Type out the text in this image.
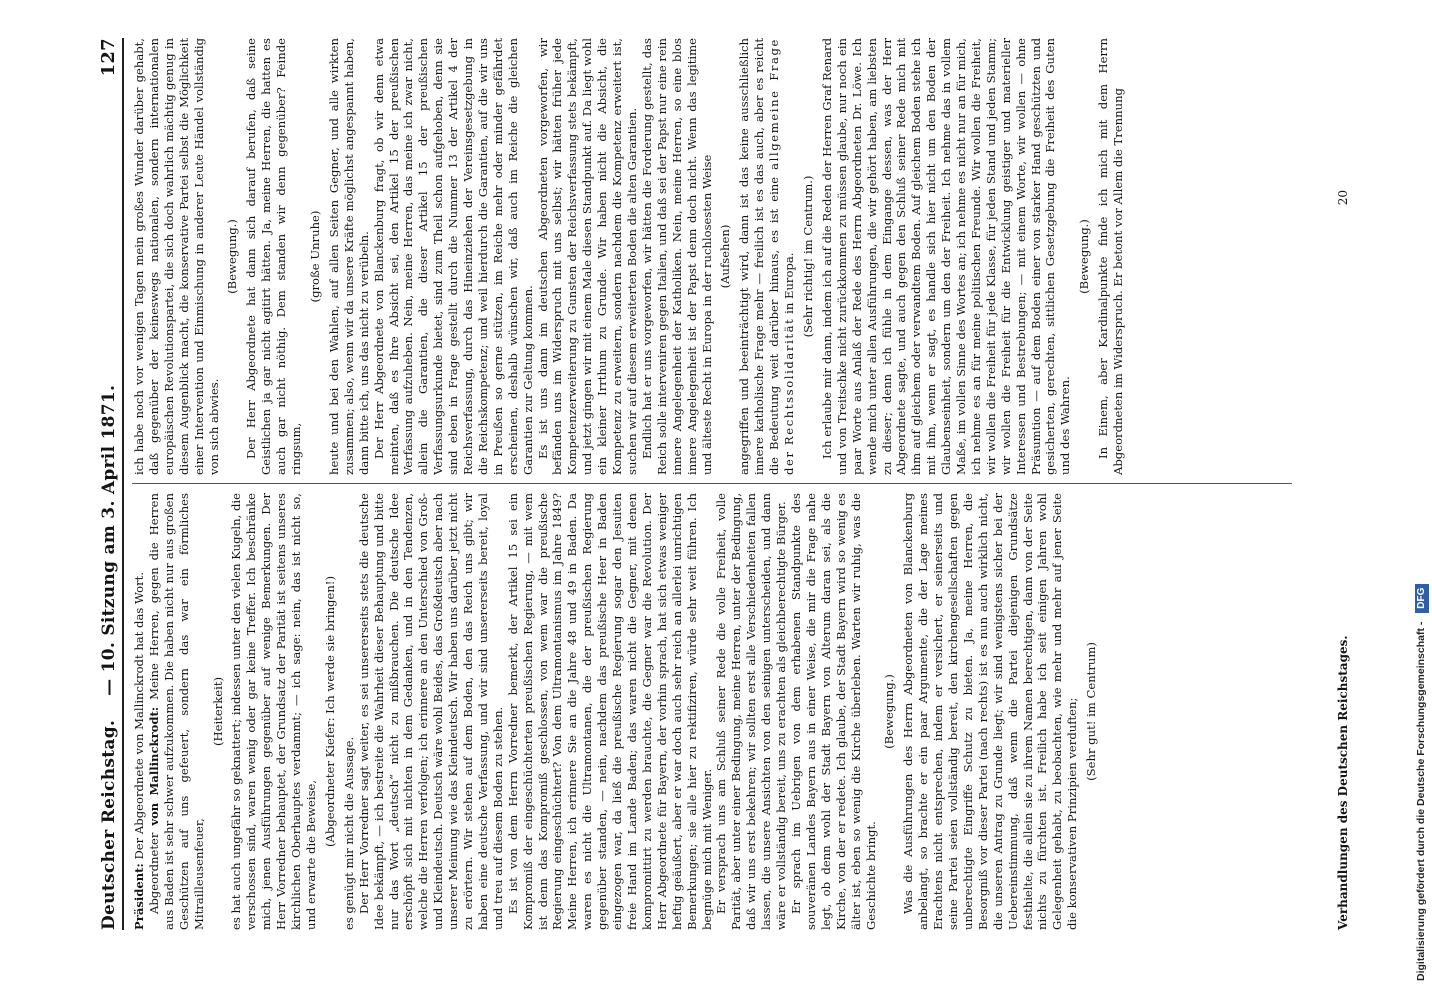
Deutscher Reichstag.
— 10. Sitzung am 3. April 1871.
127

Präsident: Der Abgeordnete von Mallinckrodt hat das Wort.

Abgeordneter von Mallinckrodt: Meine Herren, gegen die Herren aus Baden ist sehr schwer aufzukommen. Die haben nicht nur aus großen Geschützen auf uns gefeuert, sondern das war ein förmliches Mitrailleusenfeuer,

(Heiterkeit) es hat auch ungefähr so geknattert; indessen unter den vielen Kugeln, die verschossen sind, waren wenig oder gar keine Treffer. Ich beschränke mich, jenen Ausführungen gegenüber auf wenige Bemerkungen. Der Herr Vorredner behauptet, der Grundsatz der Parität ist seitens unseres kirchlichen Oberhauptes verdammt; — ich sage: nein, das ist nicht so, und erwarte die Beweise,

(Abgeordneter Kiefer: Ich werde sie bringen!) es genügt mir nicht die Aussage. Der Herr Vorredner sagt weiter, es sei unsererseits stets die deutsche Idee bekämpft, — ich bestreite die Wahrheit dieser Behauptung und bitte nur das Wort „deutsch“ nicht zu mißbrauchen. Die deutsche Idee erschöpft sich mit nichten in dem Gedanken, und in den Tendenzen, welche die Herren verfolgen; ich erinnere an den Unterschied von Groß- und Kleindeutsch. Deutsch wäre wohl Beides, das Großdeutsch aber nach unserer Meinung wie das Kleindeutsch. Wir haben uns darüber jetzt nicht zu erörtern. Wir stehen auf dem Boden, den das Reich uns gibt; wir haben eine deutsche Verfassung, und wir sind unsererseits bereit, loyal und treu auf diesem Boden zu stehen. Es ist von dem Herrn Vorredner bemerkt, der Artikel 15 sei ein Kompromiß der eingeschüchterten preußischen Regierung, — mit wem ist denn das Kompromiß geschlossen, von wem war die preußische Regierung eingeschüchtert? Von dem Ultramontanismus im Jahre 1849? Meine Herren, ich erinnere Sie an die Jahre 48 und 49 in Baden. Da waren es nicht die Ultramontanen, die der preußischen Regierung gegenüber standen, — nein, nachdem das preußische Heer in Baden eingezogen war, da ließ die preußische Regierung sogar den Jesuiten freie Hand im Lande Baden; das waren nicht die Gegner, mit denen kompromittirt zu werden brauchte, die Gegner war die Revolution. Der Herr Abgeordnete für Bayern, der vorhin sprach, hat sich etwas weniger heftig geäußert, aber er war doch auch sehr reich an allerlei unrichtigen Bemerkungen; sie alle hier zu rektifiziren, würde sehr weit führen. Ich begnüge mich mit Weniger. Er versprach uns am Schluß seiner Rede die volle Freiheit, volle Parität, aber unter einer Bedingung, meine Herren, unter der Bedingung, daß wir uns erst bekehren; wir sollten erst alle Verschiedenheiten fallen lassen, die unsere Ansichten von den seinigen unterscheiden, und dann wäre er vollständig bereit, uns zu erachten als gleichberechtigte Bürger. Er sprach im Uebrigen von dem erhabenen Standpunkte des souveränen Landes Bayern aus in einer Weise, die mir die Frage nahe legt, ob denn wohl der Stadt Bayern von Alterum daran sei, als die Kirche, von der er redete. Ich glaube, der Stadt Bayern wird so wenig es älter ist, eben so wenig die Kirche überleben. Warten wir ruhig, was die Geschichte bringt.

(Bewegung.) Was die Ausführungen des Herrn Abgeordneten von Blanckenburg anbelangt, so brachte er ein paar Argumente, die der Lage meines Erachtens nicht entsprechen, indem er versichert, er seinerseits und seine Partei seien vollständig bereit, den kirchengesellschaften gegen unberechtigte Eingriffe Schutz zu bieten. Ja, meine Herren, die Besorgniß vor dieser Partei (nach rechts) ist es nun auch wirklich nicht, die unseren Antrag zu Grunde liegt; wir sind wenigstens sicher bei der Uebereinstimmung, daß wenn die Partei diejenigen Grundsätze festhielte, die allein sie zu ihrem Namen berechtigen, dann von der Seite nichts zu fürchten ist. Freilich habe ich seit einigen Jahren wohl Gelegenheit gehabt, zu beobachten, wie mehr und mehr auf jener Seite die konservativen Prinzipien verduften; (Sehr gut! im Centrum)

ich habe noch vor wenigen Tagen mein großes Wunder darüber gehabt, daß gegenüber der keineswegs nationalen, sondern internationalen europäischen Revolutionspartei, die sich doch wahrlich mächtig genug in diesem Augenblick macht, die konservative Partei selbst die Möglichkeit einer Intervention und Einmischung in anderer Leute Händel vollständig von sich abwies.

(Bewegung.) Der Herr Abgeordnete hat dann sich darauf berufen, daß seine Geistlichen ja gar nicht agitirt hätten. Ja, meine Herren, die hatten es auch gar nicht nöthig. Dem standen wir denn gegenüber? Feinde ringsum,

(große Unruhe) heute und bei den Wahlen, auf allen Seiten Gegner, und alle wirkten zusammen; also, wenn wir da unsere Kräfte möglichst angespannt haben, dann bitte ich, uns das nicht zu verübeln. Der Herr Abgeordnete von Blanckenburg fragt, ob wir denn etwa meinten, daß es Ihre Absicht sei, den Artikel 15 der preußischen Verfassung aufzuheben. Nein, meine Herren, das meine ich zwar nicht, allein die Garantien, die dieser Artikel 15 der preußischen Verfassungsurkunde bietet, sind zum Theil schon aufgehoben, denn sie sind eben in Frage gestellt durch die Nummer 13 der Artikel 4 der Reichsverfassung, durch das Hineinziehen der Vereinsgesetzgebung in die Reichskompetenz; und weil hierdurch die Garantien, auf die wir uns in Preußen so gerne stützen, im Reiche mehr oder minder gefährdet erscheinen, deshalb wünschen wir, daß auch im Reiche die gleichen Garantien zur Geltung kommen. Es ist uns dann im deutschen Abgeordneten vorgeworfen, wir befänden uns im Widerspruch mit uns selbst; wir hätten früher jede Kompetenzerweiterung zu Gunsten der Reichsverfassung stets bekämpft, und jetzt gingen wir mit einem Male diesen Standpunkt auf. Da liegt wohl ein kleiner Irrthum zu Grunde. Wir haben nicht die Absicht, die Kompetenz zu erweitern, sondern nachdem die Kompetenz erweitert ist, suchen wir auf diesem erweiterten Boden die alten Garantien. Endlich hat er uns vorgeworfen, wir hätten die Forderung gestellt, das Reich solle interveniren gegen Italien, und daß sei der Papst nur eine rein innere Angelegenheit der Katholiken. Nein, meine Herren, so eine blos innere Angelegenheit ist der Papst denn doch nicht. Wenn das legitime und älteste Recht in Europa in der ruchlosesten Weise (Aufsehen) angegriffen und beeinträchtigt wird, dann ist das keine ausschließlich innere katholische Frage mehr — freilich ist es das auch, aber es reicht die Bedeutung weit darüber hinaus, es ist eine allgemeine Frage der Rechtssolidarität in Europa. (Sehr richtig! im Centrum.) Ich erlaube mir dann, indem ich auf die Reden der Herren Graf Renard und von Treitschke nicht zurückkommen zu müssen glaube, nur noch ein paar Worte aus Anlaß der Rede des Herrn Abgeordneten Dr. Löwe. Ich wende mich unter allen Ausführungen, die wir gehört haben, am liebsten zu dieser; denn ich fühle in dem Eingange dessen, was der Herr Abgeordnete sagte, und auch gegen den Schluß seiner Rede mich mit ihm auf gleichem oder verwandtem Boden. Auf gleichem Boden stehe ich mit ihm, wenn er sagt, es handle sich hier nicht um den Boden der Glaubenseinheit, sondern um den der Freiheit. Ich nehme das in vollem Maße, im vollen Sinne des Wortes an; ich nehme es nicht nur an für mich, ich nehme es an für meine politischen Freunde. Wir wollen die Freiheit, wir wollen die Freiheit für jede Klasse, für jeden Stand und jeden Stamm; wir wollen die Freiheit für die Entwicklung geistiger und materieller Interessen und Bestrebungen; — mit einem Worte, wir wollen — ohne Präsumtion — auf dem Boden einer von starker Hand geschützten und gesicherten, gerechten, sittlichen Gesetzgebung die Freiheit des Guten und des Wahren.

(Bewegung.) In Einem, aber Kardinalpunkte finde ich mich mit dem Herrn Abgeordneten im Widerspruch. Er betont vor Allem die Trennung

Verhandlungen des Deutschen Reichstages.
20
Digitalisierung gefördert durch die Deutsche Forschungsgemeinschaft - DFG
